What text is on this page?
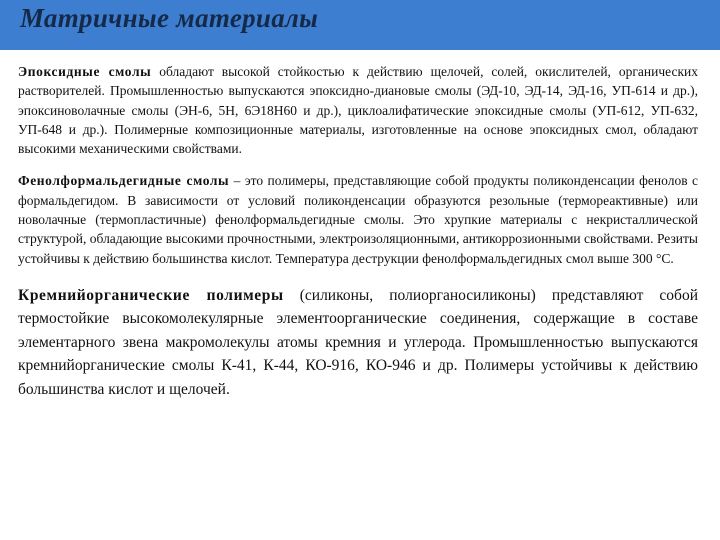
Матричные материалы

Эпоксидные смолы обладают высокой стойкостью к действию щелочей, солей, окислителей, органических растворителей. Промышленностью выпускаются эпоксидно-диановые смолы (ЭД-10, ЭД-14, ЭД-16, УП-614 и др.), эпоксиноволачные смолы (ЭН-6, 5Н, 6Э18Н60 и др.), циклоалифатические эпоксидные смолы (УП-612, УП-632, УП-648 и др.). Полимерные композиционные материалы, изготовленные на основе эпоксидных смол, обладают высокими механическими свойствами.

Фенолформальдегидные смолы – это полимеры, представляющие собой продукты поликонденсации фенолов с формальдегидом. В зависимости от условий поликонденсации образуются резольные (термореактивные) или новолачные (термопластичные) фенолформальдегидные смолы. Это хрупкие материалы с некристаллической структурой, обладающие высокими прочностными, электроизоляционными, антикоррозионными свойствами. Резиты устойчивы к действию большинства кислот. Температура деструкции фенолформальдегидных смол выше 300 °С.

Кремнийорганические полимеры (силиконы, полиорганосиликоны) представляют собой термостойкие высокомолекулярные элементоорганические соединения, содержащие в составе элементарного звена макромолекулы атомы кремния и углерода. Промышленностью выпускаются кремнийорганические смолы К-41, К-44, КО-916, КО-946 и др. Полимеры устойчивы к действию большинства кислот и щелочей.
